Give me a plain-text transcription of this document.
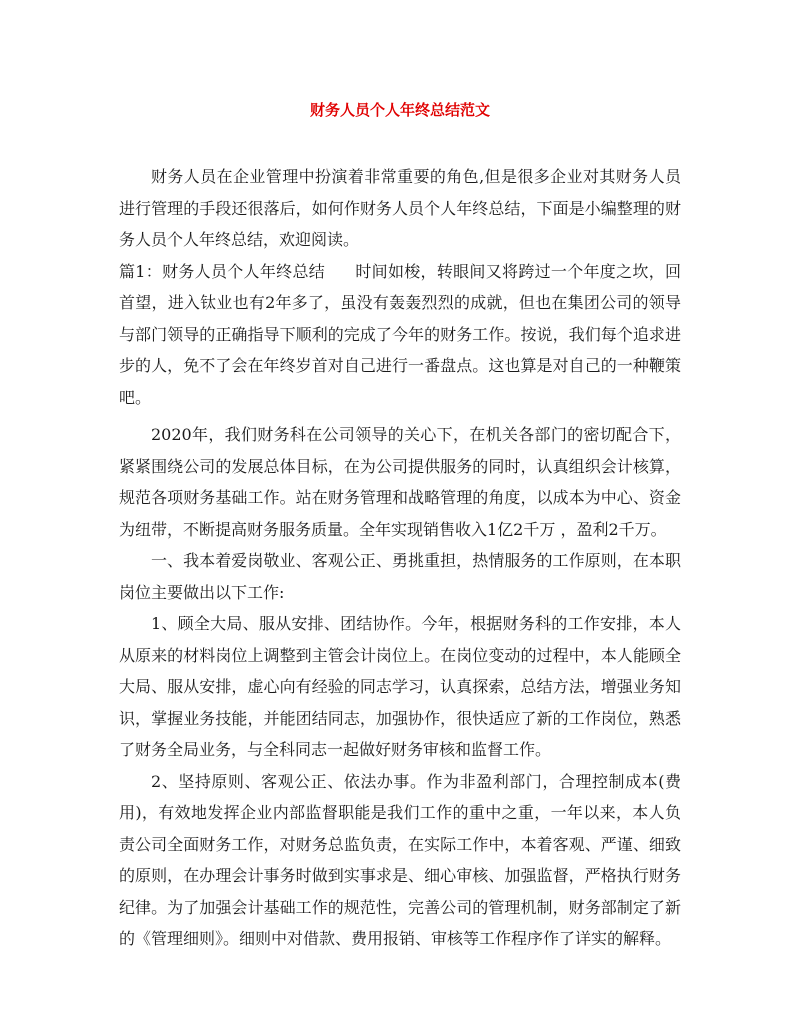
财务人员个人年终总结范文

财务人员在企业管理中扮演着非常重要的角色,但是很多企业对其财务人员进行管理的手段还很落后，如何作财务人员个人年终总结，下面是小编整理的财务人员个人年终总结，欢迎阅读。

篇1：财务人员个人年终总结 时间如梭，转眼间又将跨过一个年度之坎，回首望，进入钛业也有2年多了，虽没有轰轰烈烈的成就，但也在集团公司的领导与部门领导的正确指导下顺利的完成了今年的财务工作。按说，我们每个追求进步的人，免不了会在年终岁首对自己进行一番盘点。这也算是对自己的一种鞭策吧。

2020年，我们财务科在公司领导的关心下，在机关各部门的密切配合下，紧紧围绕公司的发展总体目标，在为公司提供服务的同时，认真组织会计核算，规范各项财务基础工作。站在财务管理和战略管理的角度，以成本为中心、资金为纽带，不断提高财务服务质量。全年实现销售收入1亿2千万 ，盈利2千万。

一、我本着爱岗敬业、客观公正、勇挑重担，热情服务的工作原则，在本职岗位主要做出以下工作:

1、顾全大局、服从安排、团结协作。今年，根据财务科的工作安排，本人从原来的材料岗位上调整到主管会计岗位上。在岗位变动的过程中，本人能顾全大局、服从安排，虚心向有经验的同志学习，认真探索，总结方法，增强业务知识，掌握业务技能，并能团结同志，加强协作，很快适应了新的工作岗位，熟悉了财务全局业务，与全科同志一起做好财务审核和监督工作。

2、坚持原则、客观公正、依法办事。作为非盈利部门，合理控制成本(费用)，有效地发挥企业内部监督职能是我们工作的重中之重，一年以来，本人负责公司全面财务工作，对财务总监负责，在实际工作中，本着客观、严谨、细致的原则，在办理会计事务时做到实事求是、细心审核、加强监督，严格执行财务纪律。为了加强会计基础工作的规范性，完善公司的管理机制，财务部制定了新的《管理细则》。细则中对借款、费用报销、审核等工作程序作了详实的解释。
